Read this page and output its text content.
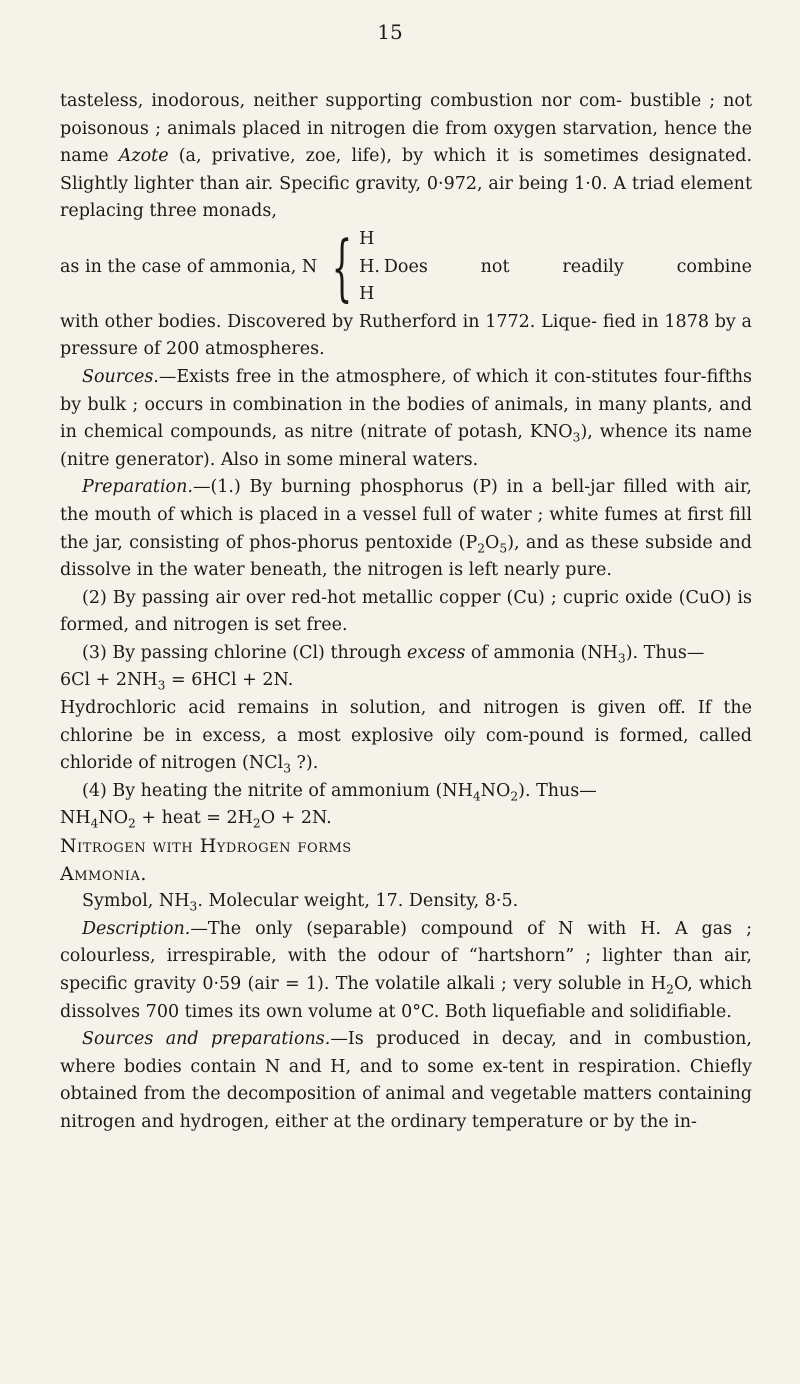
15

tasteless, inodorous, neither supporting combustion nor com- bustible ; not poisonous ; animals placed in nitrogen die from oxygen starvation, hence the name Azote (a, privative, zoe, life), by which it is sometimes designated. Slightly lighter than air. Specific gravity, 0·972, air being 1·0. A triad element replacing three monads,

as in the case of ammonia, N { H
H.
H
Does not readily combine

with other bodies. Discovered by Rutherford in 1772. Lique- fied in 1878 by a pressure of 200 atmospheres.

Sources.—Exists free in the atmosphere, of which it con-stitutes four-fifths by bulk ; occurs in combination in the bodies of animals, in many plants, and in chemical compounds, as nitre (nitrate of potash, $KNO_3$), whence its name (nitre generator). Also in some mineral waters.

Preparation.—(1.) By burning phosphorus (P) in a bell-jar filled with air, the mouth of which is placed in a vessel full of water ; white fumes at first fill the jar, consisting of phos-phorus pentoxide $(P_2O_5)$, and as these subside and dissolve in the water beneath, the nitrogen is left nearly pure.

(2) By passing air over red-hot metallic copper (Cu) ; cupric oxide (CuO) is formed, and nitrogen is set free.

(3) By passing chlorine (Cl) through excess of ammonia $(NH_3)$. Thus—

$6Cl + 2NH_3 = 6HCl + 2N$.

Hydrochloric acid remains in solution, and nitrogen is given off. If the chlorine be in excess, a most explosive oily com-pound is formed, called chloride of nitrogen (NCl$_3$ ?).

(4) By heating the nitrite of ammonium $(NH_4NO_2)$. Thus—

$NH_4NO_2$ + heat = $2H_2O + 2N$.

Nitrogen with Hydrogen forms

Ammonia.

Symbol, $NH_3$. Molecular weight, 17. Density, 8·5.

Description.—The only (separable) compound of N with H. A gas ; colourless, irrespirable, with the odour of “hartshorn” ; lighter than air, specific gravity 0·59 (air = 1). The volatile alkali ; very soluble in $H_2O$, which dissolves 700 times its own volume at 0°C. Both liquefiable and solidifiable.

Sources and preparations.—Is produced in decay, and in combustion, where bodies contain N and H, and to some ex-tent in respiration. Chiefly obtained from the decomposition of animal and vegetable matters containing nitrogen and hydrogen, either at the ordinary temperature or by the in-
